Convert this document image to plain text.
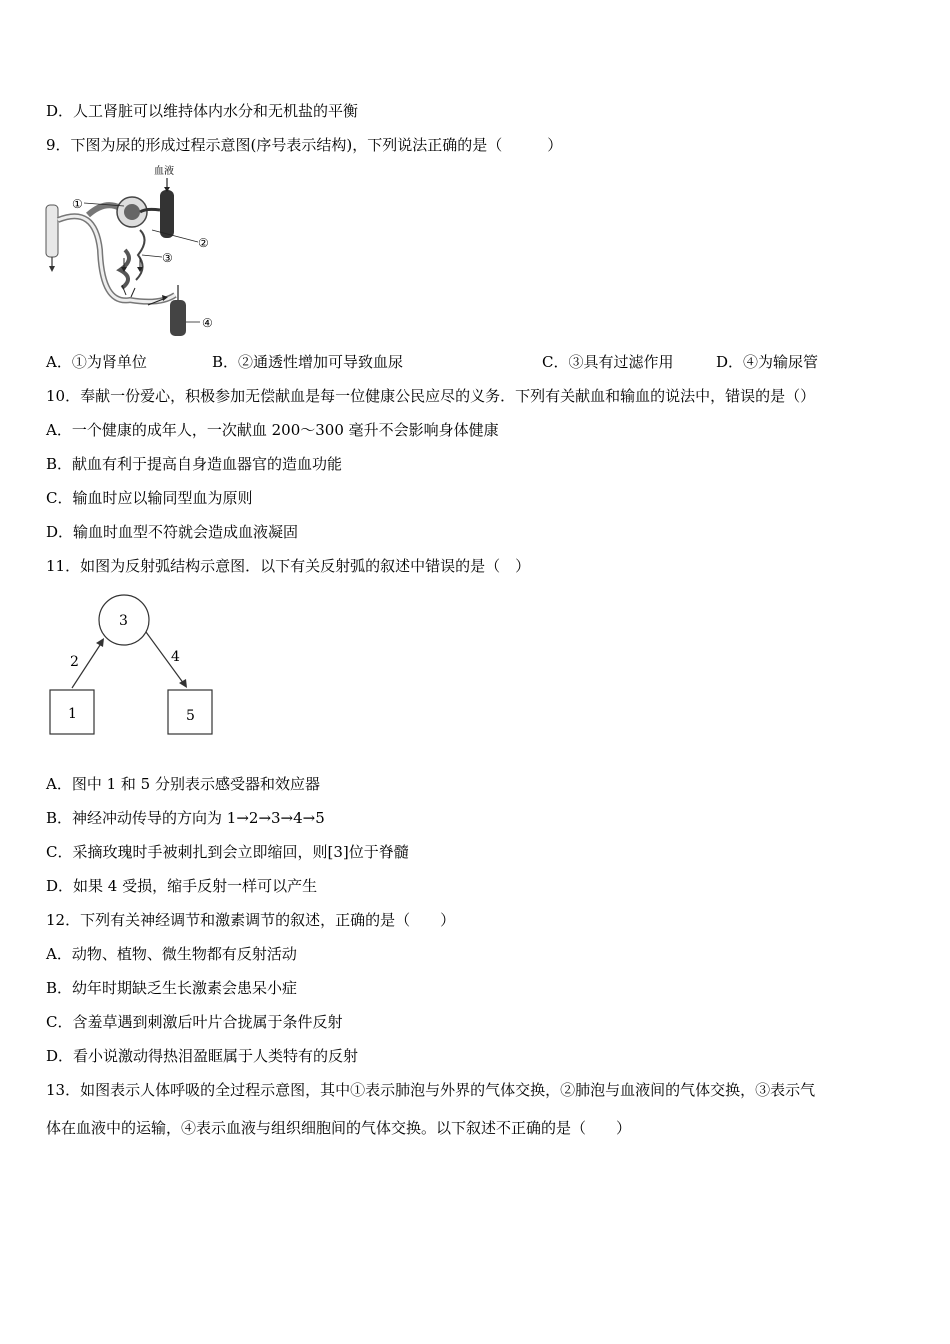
D．人工肾脏可以维持体内水分和无机盐的平衡
9．下图为尿的形成过程示意图(序号表示结构)，下列说法正确的是（　　　）
血液
①
②
③
④
A．①为肾单位	B．②通透性增加可导致血尿	C．③具有过滤作用	D．④为输尿管
10．奉献一份爱心，积极参加无偿献血是每一位健康公民应尽的义务．下列有关献血和输血的说法中，错误的是（）
A．一个健康的成年人，一次献血 200～300 毫升不会影响身体健康
B．献血有利于提高自身造血器官的造血功能
C．输血时应以输同型血为原则
D．输血时血型不符就会造成血液凝固
11．如图为反射弧结构示意图．以下有关反射弧的叙述中错误的是（　）
3
1	5
2	4
A．图中 1 和 5 分别表示感受器和效应器
B．神经冲动传导的方向为 1→2→3→4→5
C．采摘玫瑰时手被刺扎到会立即缩回，则[3]位于脊髓
D．如果 4 受损，缩手反射一样可以产生
12．下列有关神经调节和激素调节的叙述，正确的是（　　）
A．动物、植物、微生物都有反射活动
B．幼年时期缺乏生长激素会患呆小症
C．含羞草遇到刺激后叶片合拢属于条件反射
D．看小说激动得热泪盈眶属于人类特有的反射
13．如图表示人体呼吸的全过程示意图，其中①表示肺泡与外界的气体交换，②肺泡与血液间的气体交换，③表示气
体在血液中的运输，④表示血液与组织细胞间的气体交换。以下叙述不正确的是（　　）
